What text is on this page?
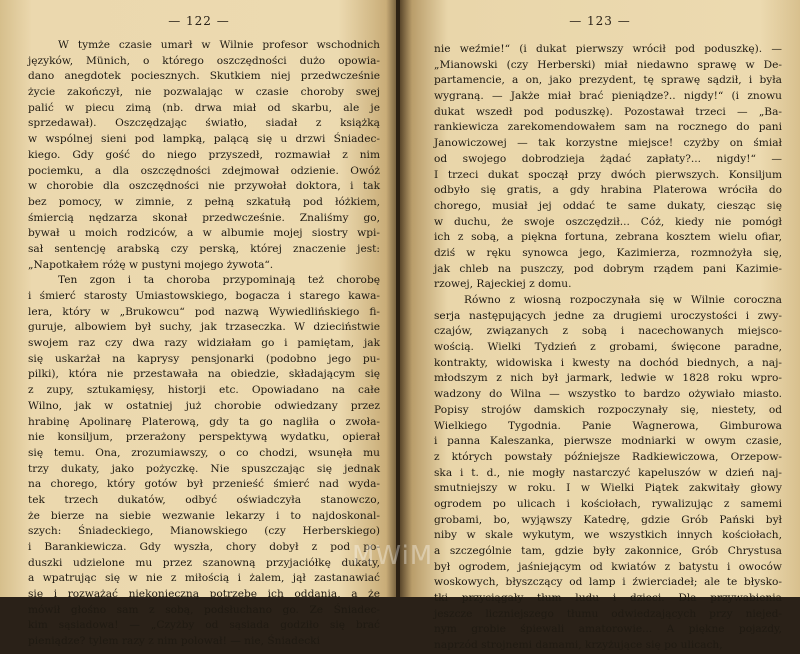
— 122 —
W tymże czasie umarł w Wilnie profesor wschodnich
języków, Münich, o którego oszczędności dużo opowia-
dano anegdotek pociesznych. Skutkiem niej przedwcześnie
życie zakończył, nie pozwalając w czasie choroby swej
palić w piecu zimą (nb. drwa miał od skarbu, ale je
sprzedawał). Oszczędzając światło, siadał z książką
w wspólnej sieni pod lampką, palącą się u drzwi Śniadec-
kiego. Gdy gość do niego przyszedł, rozmawiał z nim
pociemku, a dla oszczędności zdejmował odzienie. Owóż
w chorobie dla oszczędności nie przywołał doktora, i tak
bez pomocy, w zimnie, z pełną szkatułą pod łóżkiem,
śmiercią nędzarza skonał przedwcześnie. Znaliśmy go,
bywał u moich rodziców, a w albumie mojej siostry wpi-
sał sentencję arabską czy perską, której znaczenie jest:
„Napotkałem różę w pustyni mojego żywota“.
Ten zgon i ta choroba przypominają też chorobę
i śmierć starosty Umiastowskiego, bogacza i starego kawa-
lera, który w „Brukowcu“ pod nazwą Wywiedlińskiego fi-
guruje, albowiem był suchy, jak trzaseczka. W dzieciństwie
swojem raz czy dwa razy widziałam go i pamiętam, jak
się uskarżał na kaprysy pensjonarki (podobno jego pu-
pilki), która nie przestawała na obiedzie, składającym się
z zupy, sztukamięsy, historji etc. Opowiadano na całe
Wilno, jak w ostatniej już chorobie odwiedzany przez
hrabinę Apolinarę Platerową, gdy ta go nagliła o zwoła-
nie konsiljum, przerażony perspektywą wydatku, opierał
się temu. Ona, zrozumiawszy, o co chodzi, wsunęła mu
trzy dukaty, jako pożyczkę. Nie spuszczając się jednak
na chorego, który gotów był przenieść śmierć nad wyda-
tek trzech dukatów, odbyć oświadczyła stanowczo,
że bierze na siebie wezwanie lekarzy i to najdoskonal-
szych: Śniadeckiego, Mianowskiego (czy Herberskiego)
i Barankiewicza. Gdy wyszła, chory dobył z pod po-
duszki udzielone mu przez szanowną przyjaciółkę dukaty,
a wpatrując się w nie z miłością i żalem, jął zastanawiać
się i rozważać niekonieczną potrzebę ich oddania, a że
mówił głośno sam z sobą, podsłuchano go. Ze Śniadec-
kim sąsiadowa! — „Czyżby od sąsiada godziło się brać
pieniądze? tylem razy z nim polował! — nie, Śniadecki
— 123 —
nie weźmie!“ (i dukat pierwszy wrócił pod poduszkę). —
„Mianowski (czy Herberski) miał niedawno sprawę w De-
partamencie, a on, jako prezydent, tę sprawę sądził, i była
wygraną. — Jakże miał brać pieniądze?.. nigdy!“ (i znowu
dukat wszedł pod poduszkę). Pozostawał trzeci — „Ba-
rankiewicza zarekomendowałem sam na rocznego do pani
Janowiczowej — tak korzystne miejsce! czyżby on śmiał
od swojego dobrodzieja żądać zapłaty?... nigdy!“ —
I trzeci dukat spoczął przy dwóch pierwszych. Konsiljum
odbyło się gratis, a gdy hrabina Platerowa wróciła do
chorego, musiał jej oddać te same dukaty, ciesząc się
w duchu, że swoje oszczędził... Cóż, kiedy nie pomógł
ich z sobą, a piękna fortuna, zebrana kosztem wielu ofiar,
dziś w ręku synowca jego, Kazimierza, rozmnożyła się,
jak chleb na puszczy, pod dobrym rządem pani Kazimie-
rzowej, Rajeckiej z domu.
Równo z wiosną rozpoczynała się w Wilnie coroczna
serja następujących jedne za drugiemi uroczystości i zwy-
czajów, związanych z sobą i nacechowanych miejsco-
wością. Wielki Tydzień z grobami, święcone paradne,
kontrakty, widowiska i kwesty na dochód biednych, a naj-
młodszym z nich był jarmark, ledwie w 1828 roku wpro-
wadzony do Wilna — wszystko to bardzo ożywiało miasto.
Popisy strojów damskich rozpoczynały się, niestety, od
Wielkiego Tygodnia. Panie Wagnerowa, Gimburowa
i panna Kaleszanka, pierwsze modniarki w owym czasie,
z których powstały późniejsze Radkiewiczowa, Orzepow-
ska i t. d., nie mogły nastarczyć kapeluszów w dzień naj-
smutniejszy w roku. I w Wielki Piątek zakwitały głowy
ogrodem po ulicach i kościołach, rywalizując z samemi
grobami, bo, wyjąwszy Katedrę, gdzie Grób Pański był
niby w skale wykutym, we wszystkich innych kościołach,
a szczególnie tam, gdzie były zakonnice, Grób Chrystusa
był ogrodem, jaśniejącym od kwiatów z batystu i owoców
woskowych, błyszczący od lamp i źwierciadeł; ale te błysko-
tki przyciągały tłum ludu i dzieci. Dla przywabienia
jeszcze liczniejszego tłumu odwiedzających przy niejed-
nym grobie śpiewali amatorowie... A piękne pojazdy,
naprzód strojnemi damami, krzyżujące się po ulicach,
MWiM
